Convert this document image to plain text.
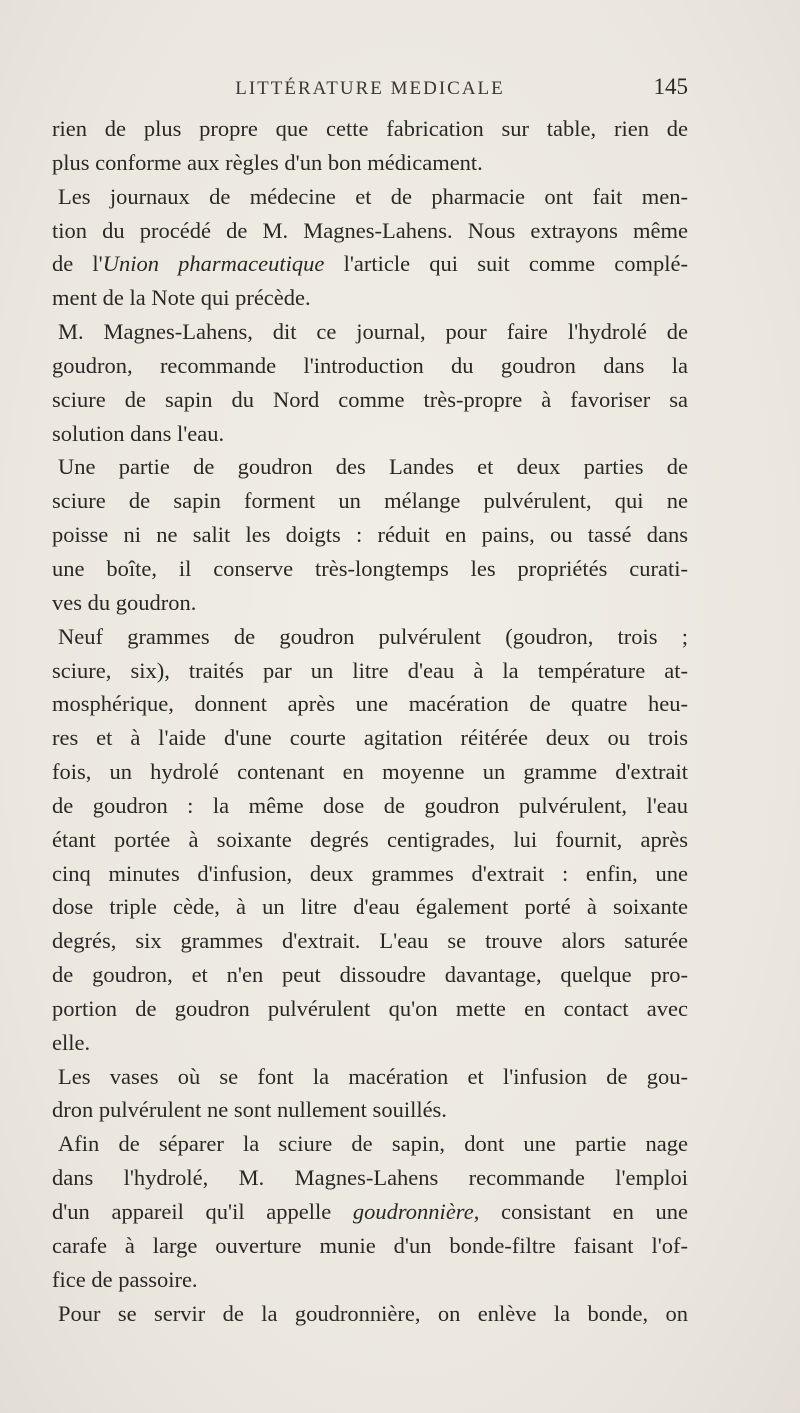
LITTÉRATURE MEDICALE	145
rien de plus propre que cette fabrication sur table, rien de
plus conforme aux règles d'un bon médicament.
Les journaux de médecine et de pharmacie ont fait men-
tion du procédé de M. Magnes-Lahens. Nous extrayons même
de l'Union pharmaceutique l'article qui suit comme complé-
ment de la Note qui précède.
M. Magnes-Lahens, dit ce journal, pour faire l'hydrolé de
goudron, recommande l'introduction du goudron dans la
sciure de sapin du Nord comme très-propre à favoriser sa
solution dans l'eau.
Une partie de goudron des Landes et deux parties de
sciure de sapin forment un mélange pulvérulent, qui ne
poisse ni ne salit les doigts : réduit en pains, ou tassé dans
une boîte, il conserve très-longtemps les propriétés curati-
ves du goudron.
Neuf grammes de goudron pulvérulent (goudron, trois ;
sciure, six), traités par un litre d'eau à la température at-
mosphérique, donnent après une macération de quatre heu-
res et à l'aide d'une courte agitation réitérée deux ou trois
fois, un hydrolé contenant en moyenne un gramme d'extrait
de goudron : la même dose de goudron pulvérulent, l'eau
étant portée à soixante degrés centigrades, lui fournit, après
cinq minutes d'infusion, deux grammes d'extrait : enfin, une
dose triple cède, à un litre d'eau également porté à soixante
degrés, six grammes d'extrait. L'eau se trouve alors saturée
de goudron, et n'en peut dissoudre davantage, quelque pro-
portion de goudron pulvérulent qu'on mette en contact avec
elle.
Les vases où se font la macération et l'infusion de gou-
dron pulvérulent ne sont nullement souillés.
Afin de séparer la sciure de sapin, dont une partie nage
dans l'hydrolé, M. Magnes-Lahens recommande l'emploi
d'un appareil qu'il appelle goudronnière, consistant en une
carafe à large ouverture munie d'un bonde-filtre faisant l'of-
fice de passoire.
Pour se servir de la goudronnière, on enlève la bonde, on
